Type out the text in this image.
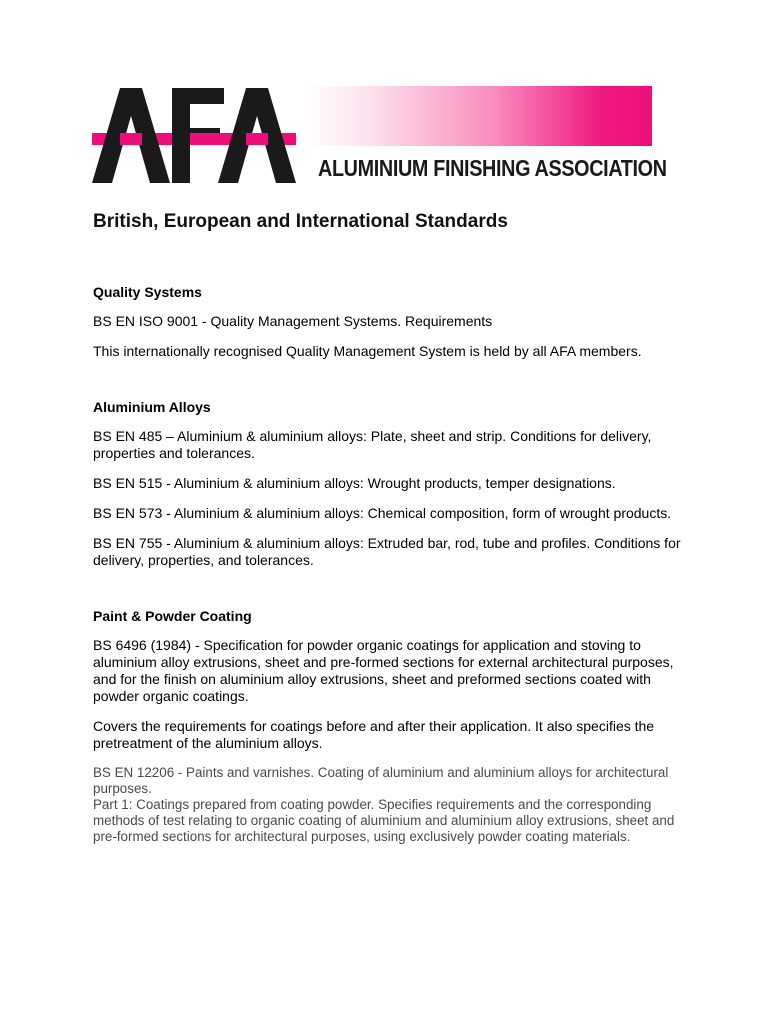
ALUMINIUM FINISHING ASSOCIATION
British, European and International Standards
Quality Systems

BS EN ISO 9001 - Quality Management Systems. Requirements

This internationally recognised Quality Management System is held by all AFA members.

Aluminium Alloys

BS EN 485 – Aluminium & aluminium alloys: Plate, sheet and strip. Conditions for delivery, properties and tolerances.

BS EN 515 - Aluminium & aluminium alloys: Wrought products, temper designations.

BS EN 573 - Aluminium & aluminium alloys: Chemical composition, form of wrought products.

BS EN 755 - Aluminium & aluminium alloys: Extruded bar, rod, tube and profiles. Conditions for delivery, properties, and tolerances.

Paint & Powder Coating

BS 6496 (1984) - Specification for powder organic coatings for application and stoving to aluminium alloy extrusions, sheet and pre-formed sections for external architectural purposes, and for the finish on aluminium alloy extrusions, sheet and preformed sections coated with powder organic coatings.

Covers the requirements for coatings before and after their application. It also specifies the pretreatment of the aluminium alloys.

BS EN 12206 - Paints and varnishes. Coating of aluminium and aluminium alloys for architectural purposes.

Part 1: Coatings prepared from coating powder. Specifies requirements and the corresponding methods of test relating to organic coating of aluminium and aluminium alloy extrusions, sheet and pre-formed sections for architectural purposes, using exclusively powder coating materials.
